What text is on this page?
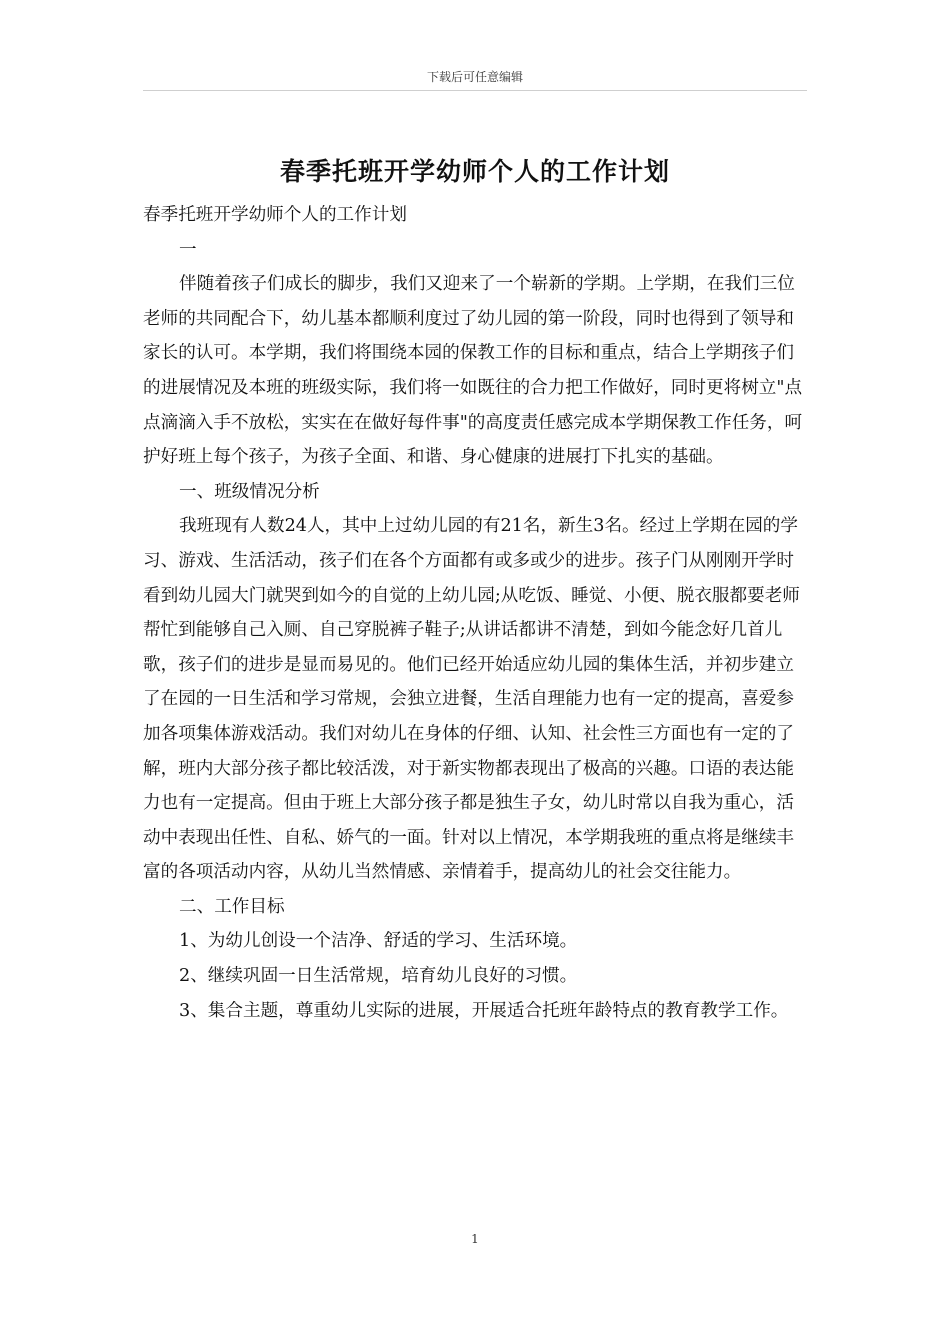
下载后可任意编辑
春季托班开学幼师个人的工作计划

春季托班开学幼师个人的工作计划

一

伴随着孩子们成长的脚步，我们又迎来了一个崭新的学期。上学期，在我们三位老师的共同配合下，幼儿基本都顺利度过了幼儿园的第一阶段，同时也得到了领导和家长的认可。本学期，我们将围绕本园的保教工作的目标和重点，结合上学期孩子们的进展情况及本班的班级实际，我们将一如既往的合力把工作做好，同时更将树立"点点滴滴入手不放松，实实在在做好每件事"的高度责任感完成本学期保教工作任务，呵护好班上每个孩子，为孩子全面、和谐、身心健康的进展打下扎实的基础。

一、班级情况分析

我班现有人数24人，其中上过幼儿园的有21名，新生3名。经过上学期在园的学习、游戏、生活活动，孩子们在各个方面都有或多或少的进步。孩子门从刚刚开学时看到幼儿园大门就哭到如今的自觉的上幼儿园;从吃饭、睡觉、小便、脱衣服都要老师帮忙到能够自己入厕、自己穿脱裤子鞋子;从讲话都讲不清楚，到如今能念好几首儿歌，孩子们的进步是显而易见的。他们已经开始适应幼儿园的集体生活，并初步建立了在园的一日生活和学习常规，会独立进餐，生活自理能力也有一定的提高，喜爱参加各项集体游戏活动。我们对幼儿在身体的仔细、认知、社会性三方面也有一定的了解，班内大部分孩子都比较活泼，对于新实物都表现出了极高的兴趣。口语的表达能力也有一定提高。但由于班上大部分孩子都是独生子女，幼儿时常以自我为重心，活动中表现出任性、自私、娇气的一面。针对以上情况，本学期我班的重点将是继续丰富的各项活动内容，从幼儿当然情感、亲情着手，提高幼儿的社会交往能力。

二、工作目标

1、为幼儿创设一个洁净、舒适的学习、生活环境。

2、继续巩固一日生活常规，培育幼儿良好的习惯。

3、集合主题，尊重幼儿实际的进展，开展适合托班年龄特点的教育教学工作。

1
